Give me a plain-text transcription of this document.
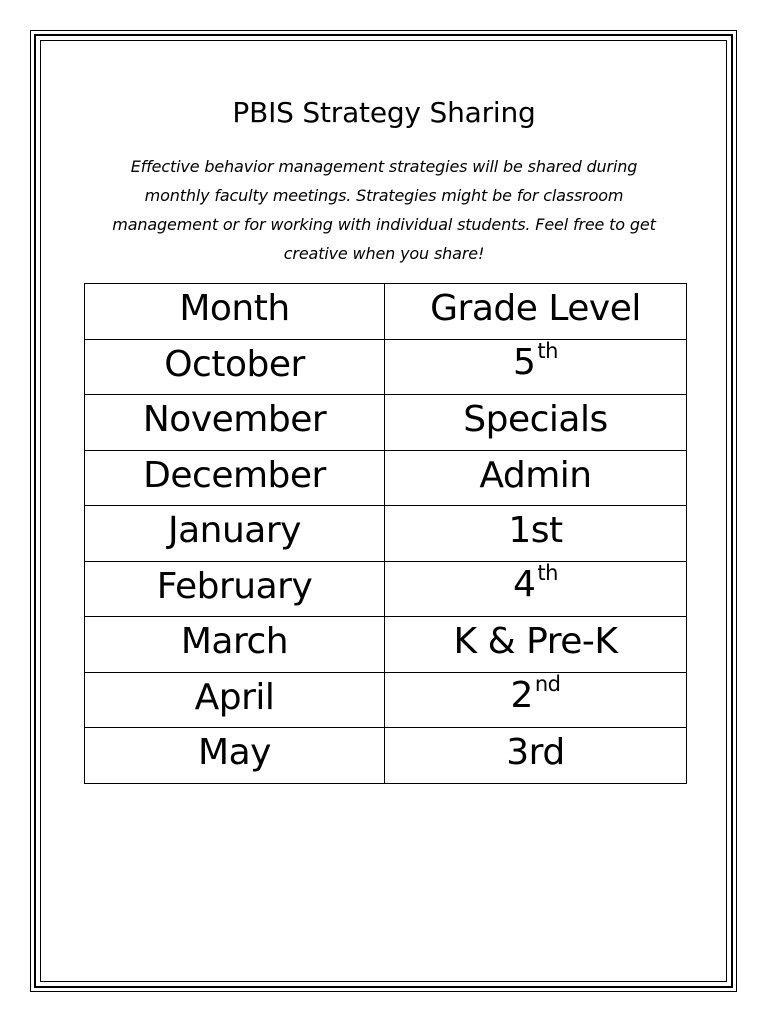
PBIS Strategy Sharing
Effective behavior management strategies will be shared during monthly faculty meetings. Strategies might be for classroom management or for working with individual students. Feel free to get creative when you share!
Month	Grade Level
October	5th
November	Specials
December	Admin
January	1st
February	4th
March	K & Pre-K
April	2nd
May	3rd
